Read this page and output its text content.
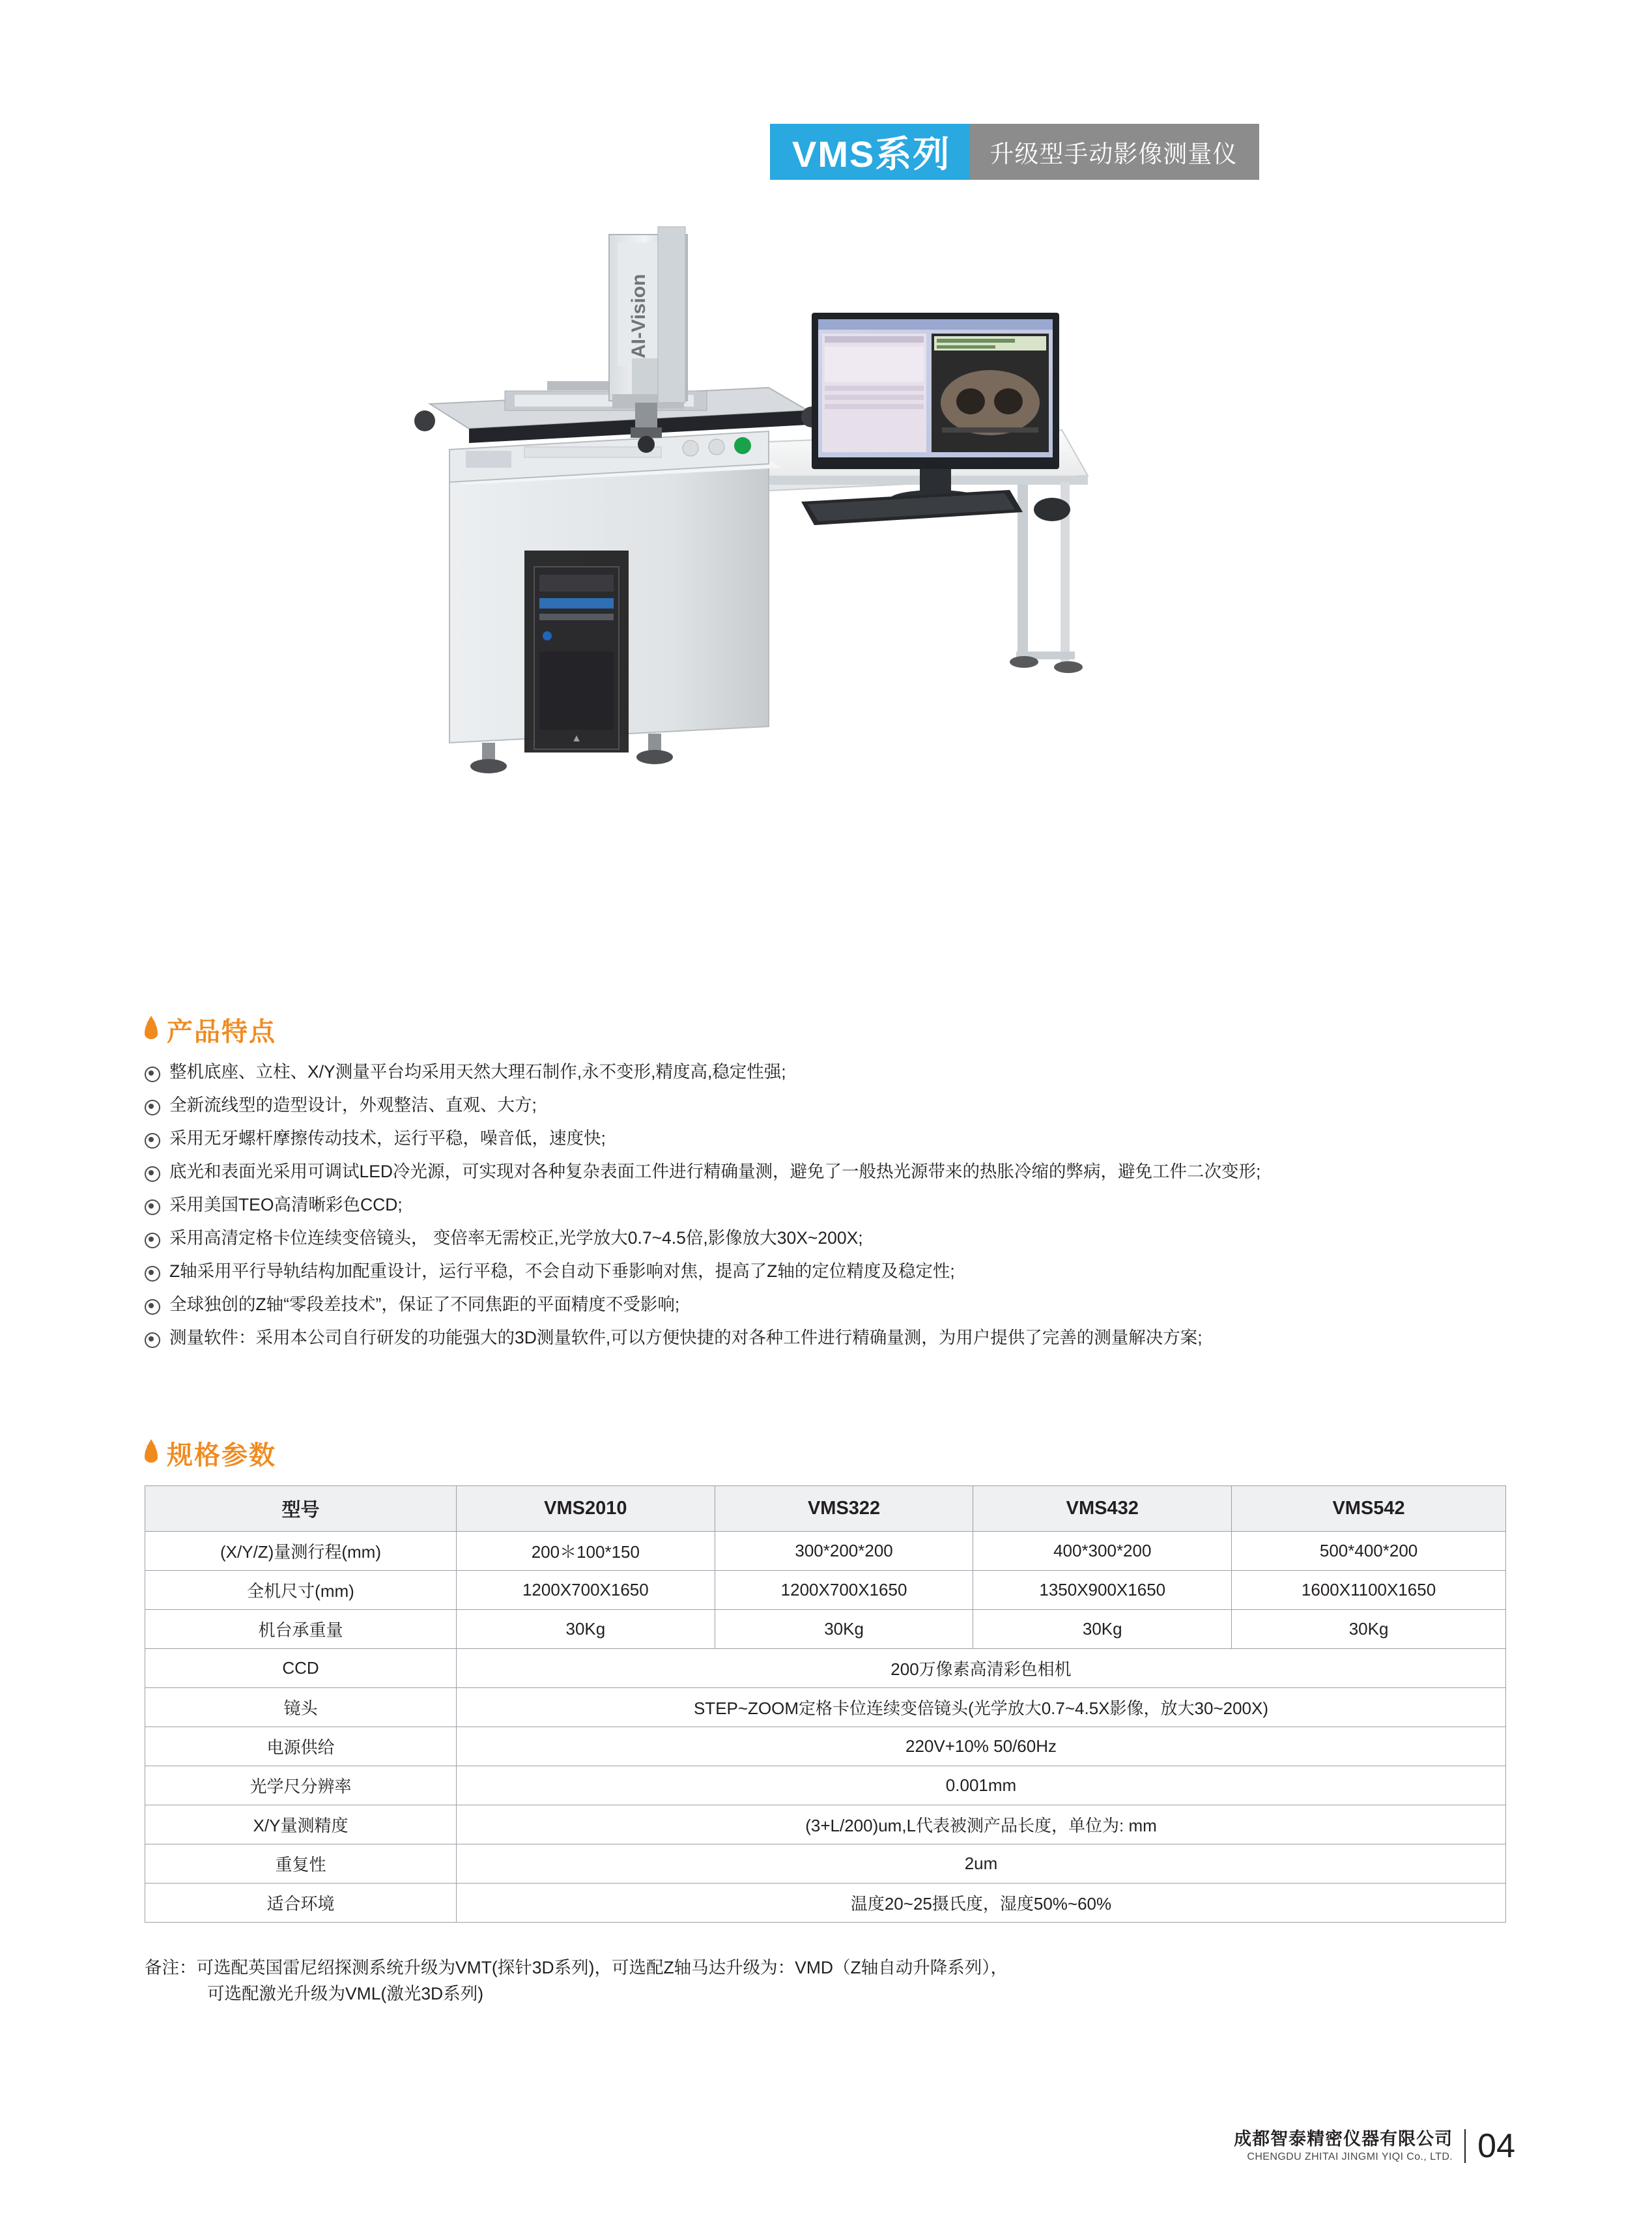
VMS系列	升级型手动影像测量仪
▲
AI-Vision
产品特点
整机底座、立柱、X/Y测量平台均采用天然大理石制作,永不变形,精度高,稳定性强;
全新流线型的造型设计，外观整洁、直观、大方;
采用无牙螺杆摩擦传动技术，运行平稳，噪音低，速度快;
底光和表面光采用可调试LED冷光源，可实现对各种复杂表面工件进行精确量测，避免了一般热光源带来的热胀冷缩的弊病，避免工件二次变形;
采用美国TEO高清晰彩色CCD;
采用高清定格卡位连续变倍镜头， 变倍率无需校正,光学放大0.7~4.5倍,影像放大30X~200X;
Z轴采用平行导轨结构加配重设计，运行平稳，不会自动下垂影响对焦，提高了Z轴的定位精度及稳定性;
全球独创的Z轴“零段差技术”，保证了不同焦距的平面精度不受影响;
测量软件：采用本公司自行研发的功能强大的3D测量软件,可以方便快捷的对各种工件进行精确量测，为用户提供了完善的测量解决方案;
规格参数
型号	VMS2010	VMS322	VMS432	VMS542
(X/Y/Z)量测行程(mm)	200＊100*150	300*200*200	400*300*200	500*400*200
全机尺寸(mm)	1200X700X1650	1200X700X1650	1350X900X1650	1600X1100X1650
机台承重量	30Kg	30Kg	30Kg	30Kg
CCD	200万像素高清彩色相机			
镜头	STEP~ZOOM定格卡位连续变倍镜头(光学放大0.7~4.5X影像，放大30~200X)			
电源供给	220V+10% 50/60Hz			
光学尺分辨率	0.001mm			
X/Y量测精度	(3+L/200)um,L代表被测产品长度，单位为: mm			
重复性	2um			
适合环境	温度20~25摄氏度，湿度50%~60%			
备注：可选配英国雷尼绍探测系统升级为VMT(探针3D系列)，可选配Z轴马达升级为：VMD（Z轴自动升降系列），
可选配激光升级为VML(激光3D系列)
成都智泰精密仪器有限公司
CHENGDU ZHITAI JINGMI YIQI Co., LTD. 04
